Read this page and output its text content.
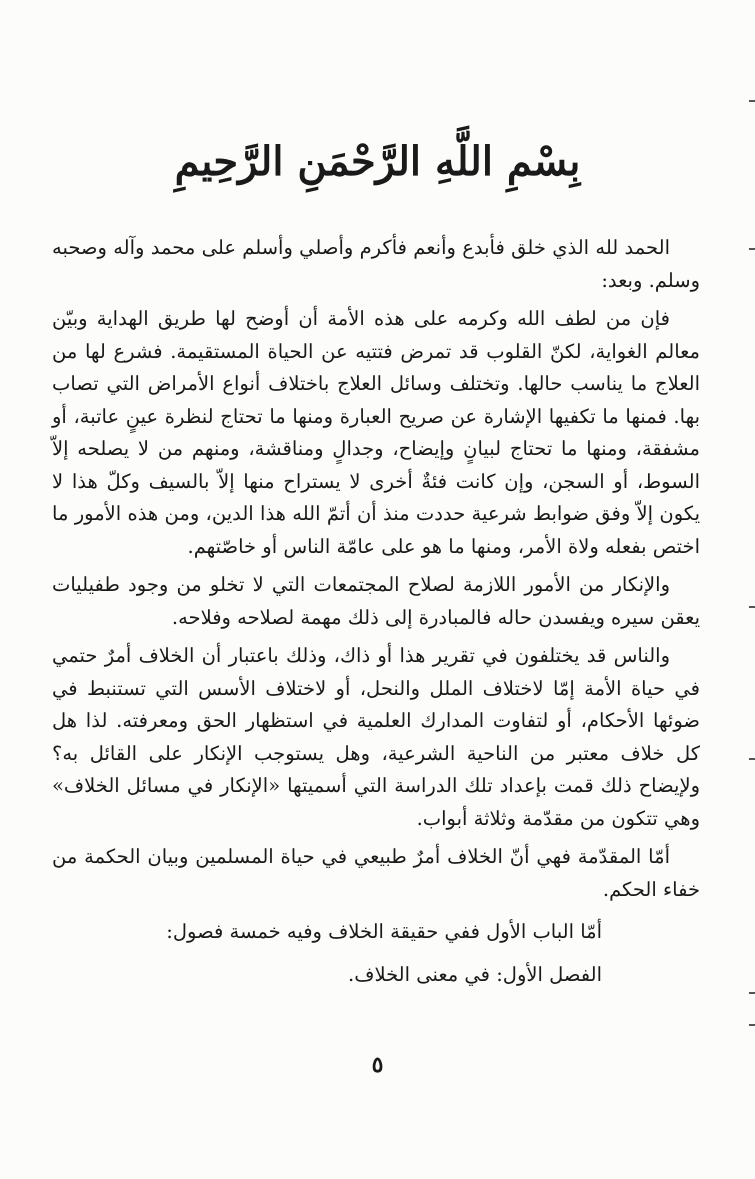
بِسْمِ اللَّهِ الرَّحْمَنِ الرَّحِيمِ

الحمد لله الذي خلق فأبدع وأنعم فأكرم وأصلي وأسلم على محمد وآله وصحبه وسلم. وبعد:

فإن من لطف الله وكرمه على هذه الأمة أن أوضح لها طريق الهداية وبيّن معالم الغواية، لكنّ القلوب قد تمرض فتتيه عن الحياة المستقيمة. فشرع لها من العلاج ما يناسب حالها. وتختلف وسائل العلاج باختلاف أنواع الأمراض التي تصاب بها. فمنها ما تكفيها الإشارة عن صريح العبارة ومنها ما تحتاج لنظرة عينٍ عاتبة، أو مشفقة، ومنها ما تحتاج لبيانٍ وإيضاح، وجدالٍ ومناقشة، ومنهم من لا يصلحه إلاّ السوط، أو السجن، وإن كانت فئةٌ أخرى لا يستراح منها إلاّ بالسيف وكلّ هذا لا يكون إلاّ وفق ضوابط شرعية حددت منذ أن أتمّ الله هذا الدين، ومن هذه الأمور ما اختص بفعله ولاة الأمر، ومنها ما هو على عامّة الناس أو خاصّتهم.

والإنكار من الأمور اللازمة لصلاح المجتمعات التي لا تخلو من وجود طفيليات يعقن سيره ويفسدن حاله فالمبادرة إلى ذلك مهمة لصلاحه وفلاحه.

والناس قد يختلفون في تقرير هذا أو ذاك، وذلك باعتبار أن الخلاف أمرٌ حتمي في حياة الأمة إمّا لاختلاف الملل والنحل، أو لاختلاف الأسس التي تستنبط في ضوئها الأحكام، أو لتفاوت المدارك العلمية في استظهار الحق ومعرفته. لذا هل كل خلاف معتبر من الناحية الشرعية، وهل يستوجب الإنكار على القائل به؟ ولإيضاح ذلك قمت بإعداد تلك الدراسة التي أسميتها «الإنكار في مسائل الخلاف» وهي تتكون من مقدّمة وثلاثة أبواب.

أمّا المقدّمة فهي أنّ الخلاف أمرٌ طبيعي في حياة المسلمين وبيان الحكمة من خفاء الحكم.

أمّا الباب الأول ففي حقيقة الخلاف وفيه خمسة فصول:

الفصل الأول: في معنى الخلاف.

٥
